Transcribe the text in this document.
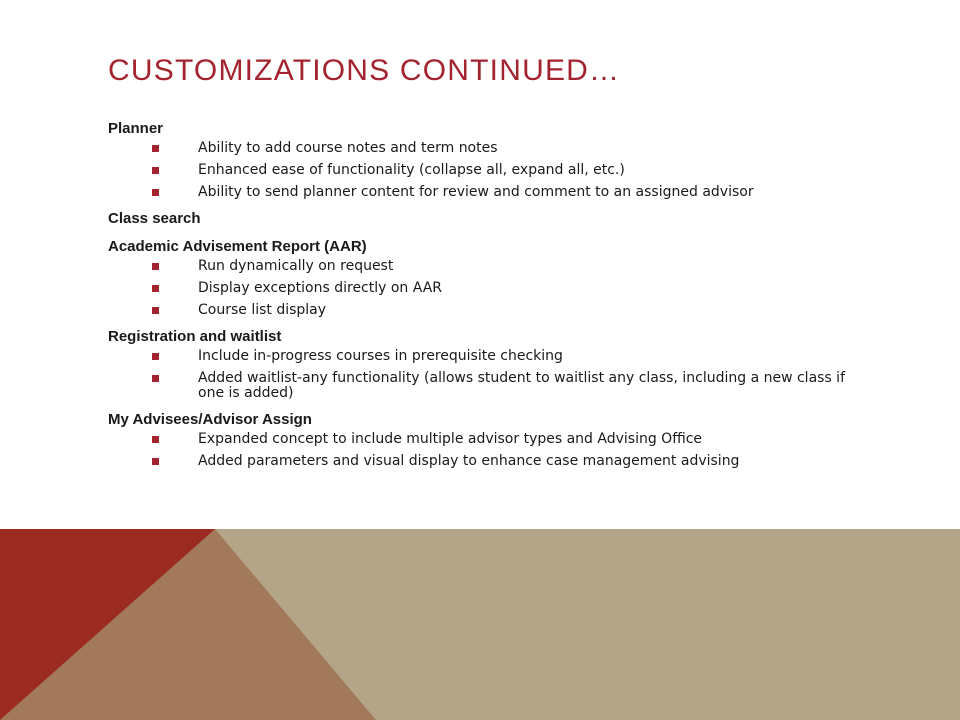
CUSTOMIZATIONS CONTINUED…
Planner
Ability to add course notes and term notes
Enhanced ease of functionality (collapse all, expand all, etc.)
Ability to send planner content for review and comment to an assigned advisor
Class search
Academic Advisement Report (AAR)
Run dynamically on request
Display exceptions directly on AAR
Course list display
Registration and waitlist
Include in-progress courses in prerequisite checking
Added waitlist-any functionality (allows student to waitlist any class, including a new class if one is added)
My Advisees/Advisor Assign
Expanded concept to include multiple advisor types and Advising Office
Added parameters and visual display to enhance case management advising
